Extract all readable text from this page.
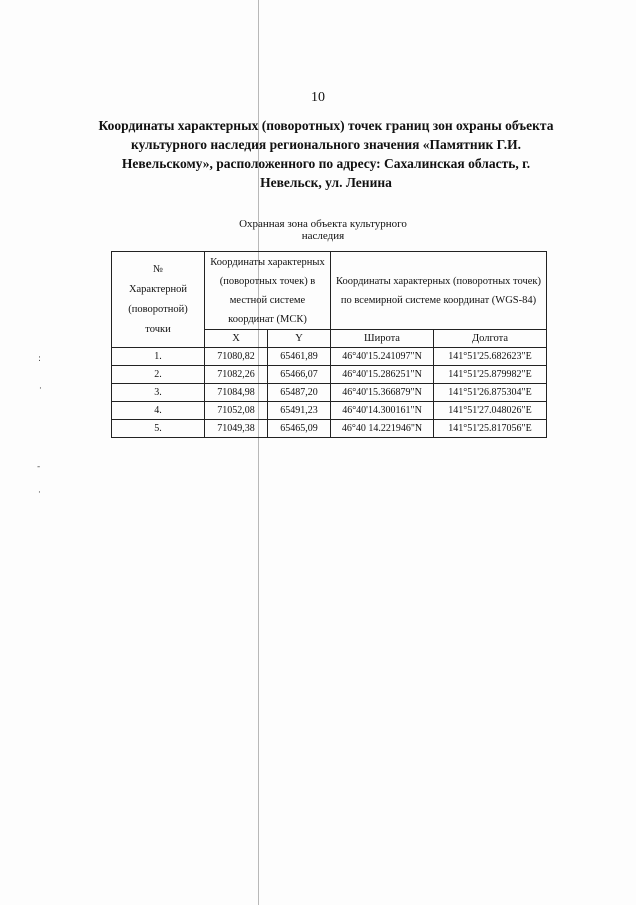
10
Координаты характерных (поворотных) точек границ зон охраны объекта культурного наследия регионального значения «Памятник Г.И. Невельскому», расположенного по адресу: Сахалинская область, г. Невельск, ул. Ленина
Охранная зона объекта культурного наследия
№
Характерной
(поворотной)
точки	Координаты характерных (поворотных точек) в местной системе координат (МСК)		Координаты характерных (поворотных точек) по всемирной системе координат (WGS-84)	
	X	Y	Широта	Долгота
1.	71080,82	65461,89	46°40'15.241097"N	141°51'25.682623"E
2.	71082,26	65466,07	46°40'15.286251"N	141°51'25.879982"E
3.	71084,98	65487,20	46°40'15.366879"N	141°51'26.875304"E
4.	71052,08	65491,23	46°40'14.300161"N	141°51'27.048026"E
5.	71049,38	65465,09	46°40 14.221946"N	141°51'25.817056"E
:
·
-
·
